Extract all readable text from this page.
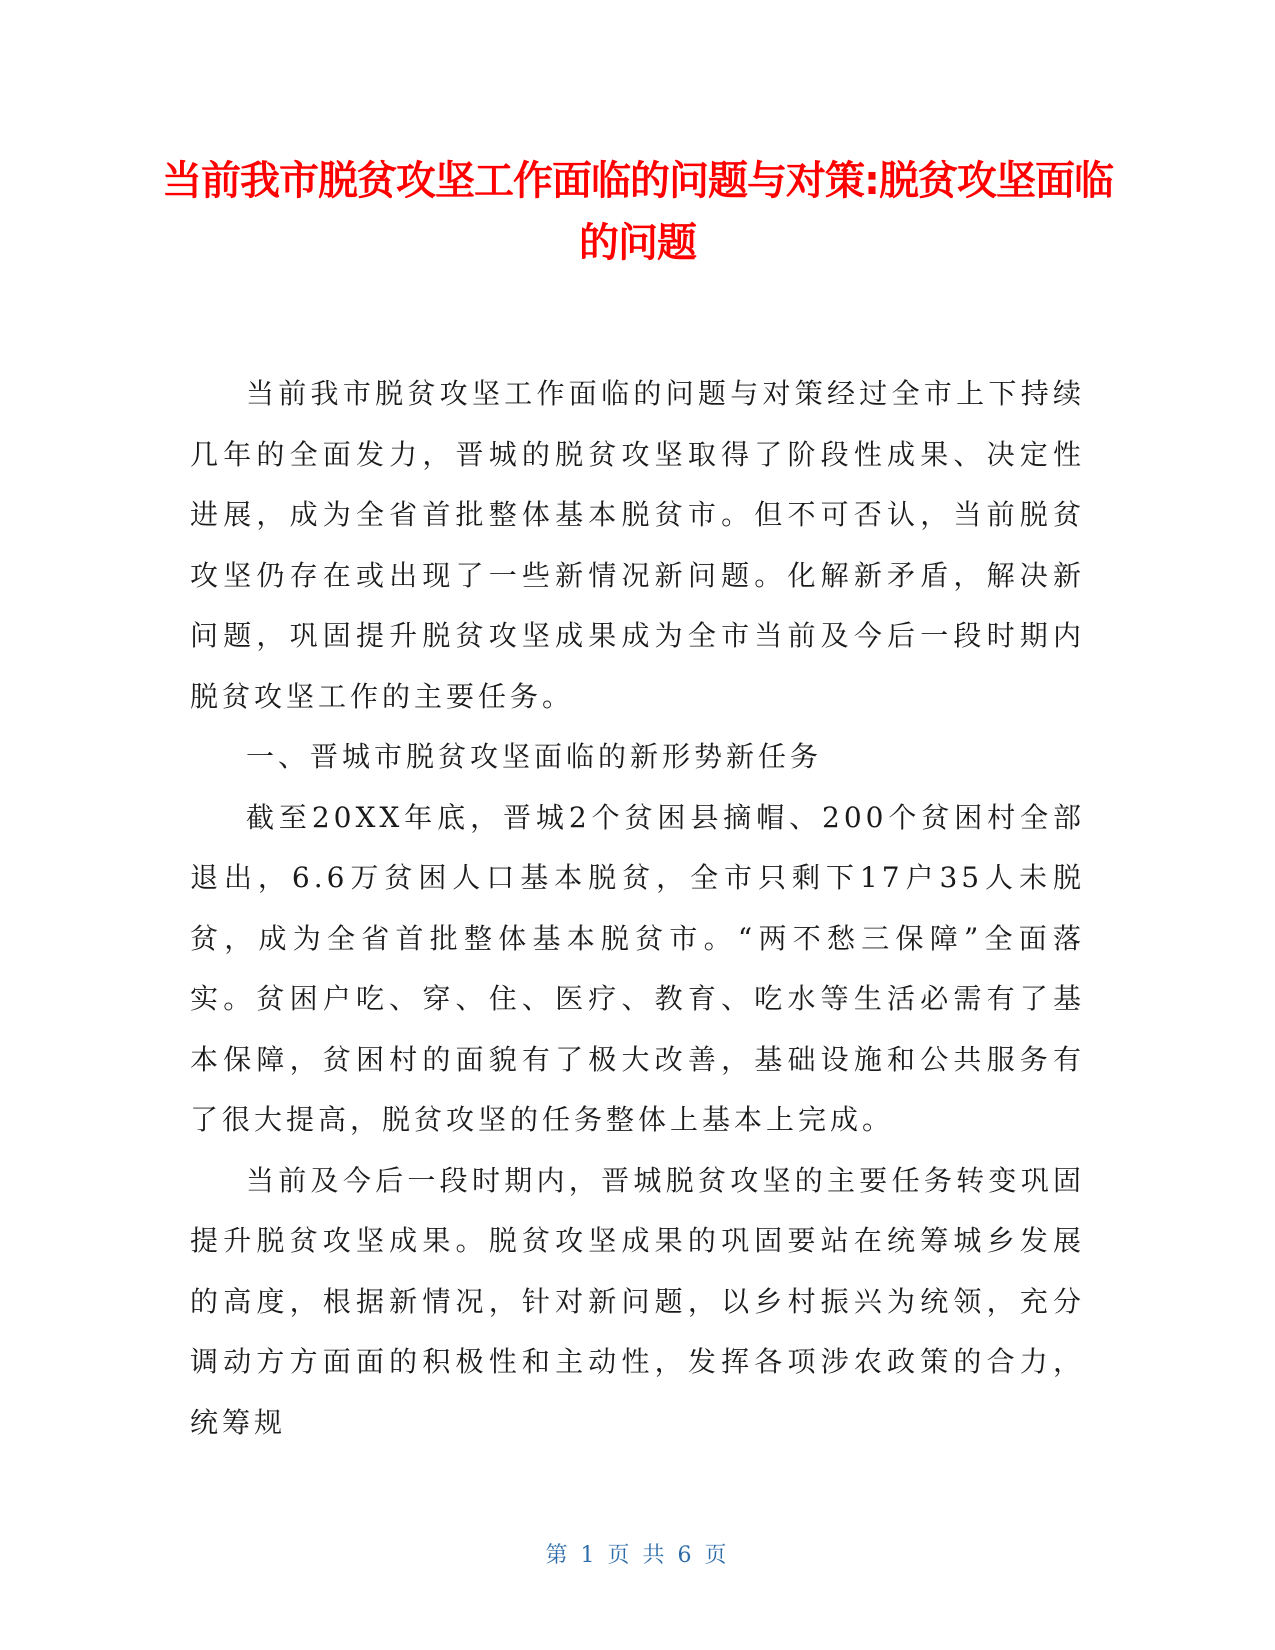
当前我市脱贫攻坚工作面临的问题与对策:脱贫攻坚面临的问题

当前我市脱贫攻坚工作面临的问题与对策经过全市上下持续几年的全面发力，晋城的脱贫攻坚取得了阶段性成果、决定性进展，成为全省首批整体基本脱贫市。但不可否认，当前脱贫攻坚仍存在或出现了一些新情况新问题。化解新矛盾，解决新问题，巩固提升脱贫攻坚成果成为全市当前及今后一段时期内脱贫攻坚工作的主要任务。

一、晋城市脱贫攻坚面临的新形势新任务

截至20XX年底，晋城2个贫困县摘帽、200个贫困村全部退出，6.6万贫困人口基本脱贫，全市只剩下17户35人未脱贫，成为全省首批整体基本脱贫市。“两不愁三保障”全面落实。贫困户吃、穿、住、医疗、教育、吃水等生活必需有了基本保障，贫困村的面貌有了极大改善，基础设施和公共服务有了很大提高，脱贫攻坚的任务整体上基本上完成。

当前及今后一段时期内，晋城脱贫攻坚的主要任务转变巩固提升脱贫攻坚成果。脱贫攻坚成果的巩固要站在统筹城乡发展的高度，根据新情况，针对新问题，以乡村振兴为统领，充分调动方方面面的积极性和主动性，发挥各项涉农政策的合力，统筹规

第 1 页 共 6 页
